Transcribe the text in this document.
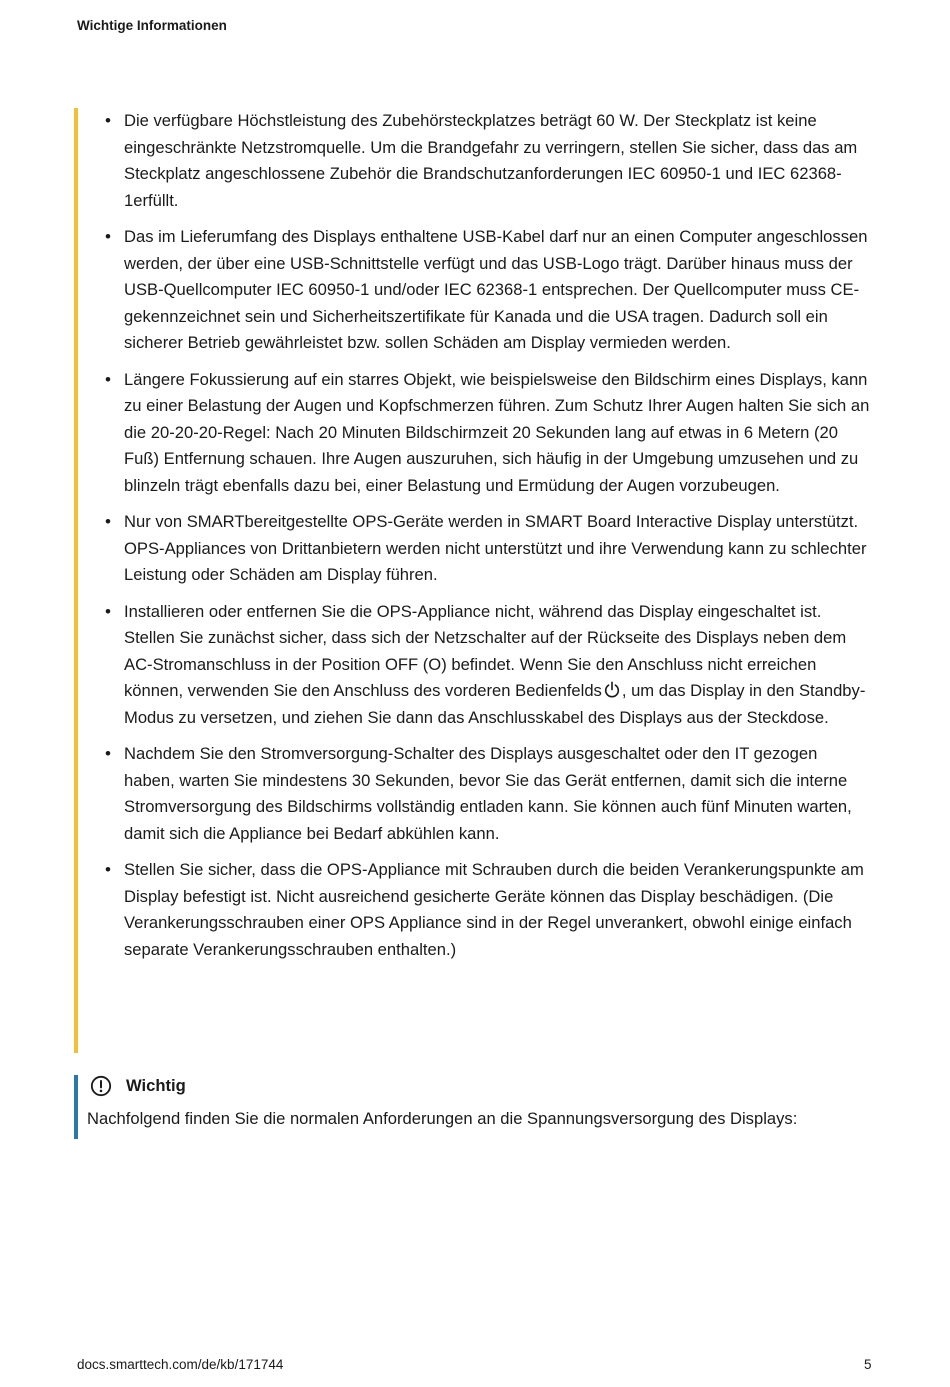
Wichtige Informationen
• Die verfügbare Höchstleistung des Zubehörsteckplatzes beträgt 60 W. Der Steckplatz ist keine eingeschränkte Netzstromquelle. Um die Brandgefahr zu verringern, stellen Sie sicher, dass das am Steckplatz angeschlossene Zubehör die Brandschutzanforderungen IEC 60950-1 und IEC 62368-1erfüllt.
• Das im Lieferumfang des Displays enthaltene USB-Kabel darf nur an einen Computer angeschlossen werden, der über eine USB-Schnittstelle verfügt und das USB-Logo trägt. Darüber hinaus muss der USB-Quellcomputer IEC 60950-1 und/oder IEC 62368-1 entsprechen. Der Quellcomputer muss CE-gekennzeichnet sein und Sicherheitszertifikate für Kanada und die USA tragen. Dadurch soll ein sicherer Betrieb gewährleistet bzw. sollen Schäden am Display vermieden werden.
• Längere Fokussierung auf ein starres Objekt, wie beispielsweise den Bildschirm eines Displays, kann zu einer Belastung der Augen und Kopfschmerzen führen. Zum Schutz Ihrer Augen halten Sie sich an die 20-20-20-Regel: Nach 20 Minuten Bildschirmzeit 20 Sekunden lang auf etwas in 6 Metern (20 Fuß) Entfernung schauen. Ihre Augen auszuruhen, sich häufig in der Umgebung umzusehen und zu blinzeln trägt ebenfalls dazu bei, einer Belastung und Ermüdung der Augen vorzubeugen.
• Nur von SMARTbereitgestellte OPS-Geräte werden in SMART Board Interactive Display unterstützt. OPS-Appliances von Drittanbietern werden nicht unterstützt und ihre Verwendung kann zu schlechter Leistung oder Schäden am Display führen.
• Installieren oder entfernen Sie die OPS-Appliance nicht, während das Display eingeschaltet ist. Stellen Sie zunächst sicher, dass sich der Netzschalter auf der Rückseite des Displays neben dem AC-Stromanschluss in der Position OFF (O) befindet. Wenn Sie den Anschluss nicht erreichen können, verwenden Sie den Anschluss des vorderen Bedienfelds , um das Display in den Standby-Modus zu versetzen, und ziehen Sie dann das Anschlusskabel des Displays aus der Steckdose.
• Nachdem Sie den Stromversorgung-Schalter des Displays ausgeschaltet oder den IT gezogen haben, warten Sie mindestens 30 Sekunden, bevor Sie das Gerät entfernen, damit sich die interne Stromversorgung des Bildschirms vollständig entladen kann. Sie können auch fünf Minuten warten, damit sich die Appliance bei Bedarf abkühlen kann.
• Stellen Sie sicher, dass die OPS-Appliance mit Schrauben durch die beiden Verankerungspunkte am Display befestigt ist. Nicht ausreichend gesicherte Geräte können das Display beschädigen. (Die Verankerungsschrauben einer OPS Appliance sind in der Regel unverankert, obwohl einige einfach separate Verankerungsschrauben enthalten.)
Wichtig
Nachfolgend finden Sie die normalen Anforderungen an die Spannungsversorgung des Displays:
docs.smarttech.com/de/kb/171744	5
